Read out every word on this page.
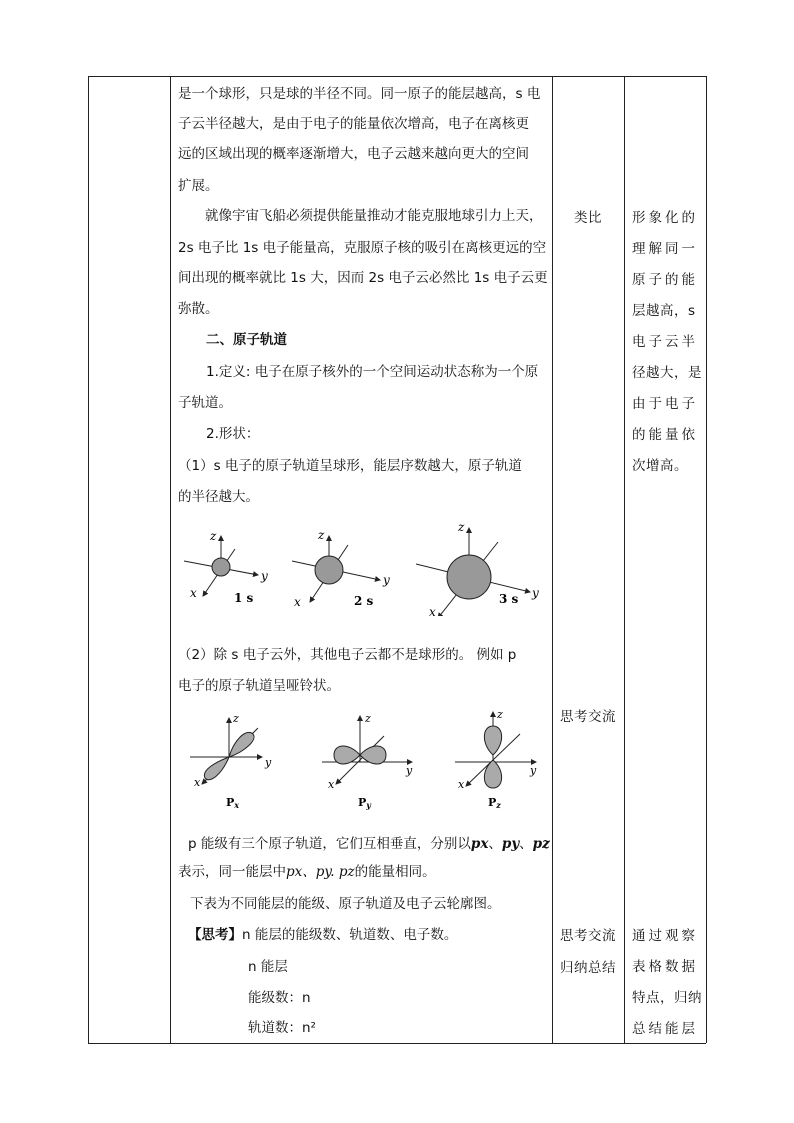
是一个球形，只是球的半径不同。同一原子的能层越高，s 电
子云半径越大，是由于电子的能量依次增高，电子在离核更
远的区域出现的概率逐渐增大，电子云越来越向更大的空间
扩展。
就像宇宙飞船必须提供能量推动才能克服地球引力上天，
2s 电子比 1s 电子能量高，克服原子核的吸引在离核更远的空
间出现的概率就比 1s 大，因而 2s 电子云必然比 1s 电子云更
弥散。
二、原子轨道
1.定义: 电子在原子核外的一个空间运动状态称为一个原
子轨道。
2.形状：
（1）s 电子的原子轨道呈球形，能层序数越大，原子轨道
的半径越大。
z
y
x	1 s
z
y
x	2 s
z
y
x
3 s
（2）除 s 电子云外，其他电子云都不是球形的。 例如 p
电子的原子轨道呈哑铃状。
z
y
x
Px
z
y
x
Py
z
y
x
Pz
p 能级有三个原子轨道，它们互相垂直，分别以px、py、pz
表示，同一能层中px、py. pz的能量相同。
下表为不同能层的能级、原子轨道及电子云轮廓图。
【思考】n 能层的能级数、轨道数、电子数。
n 能层
能级数：n
轨道数：n²
类比
思考交流
思考交流
归纳总结
形象化的
理解同一
原子的能
层越高，s
电子云半
径越大，是
由于电子
的能量依
次增高。
通过观察
表格数据
特点，归纳
总结能层
